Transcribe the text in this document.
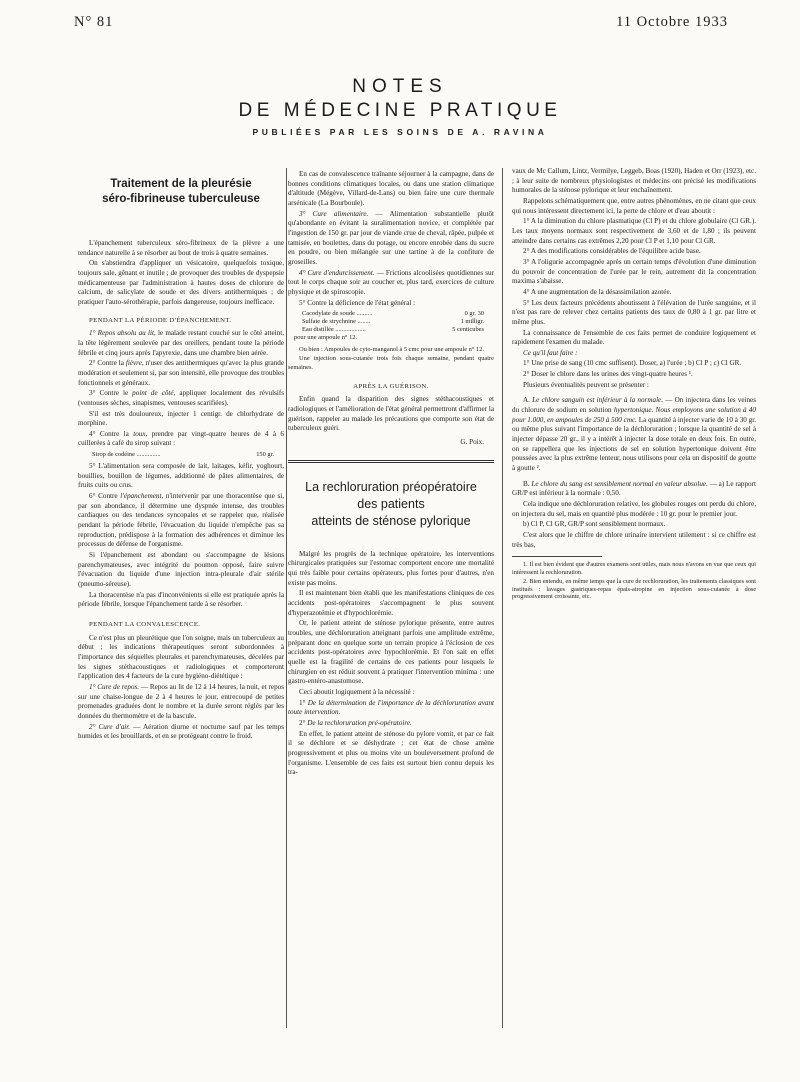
N° 81	11 Octobre 1933
NOTES
DE MÉDECINE PRATIQUE
PUBLIÉES PAR LES SOINS DE A. RAVINA
Traitement de la pleurésie
séro-fibrineuse tuberculeuse

L'épanchement tuberculeux séro-fibrineux de la plèvre a une tendance naturelle à se résorber au bout de trois à quatre semaines.

On s'abstiendra d'appliquer un vésicatoire, quelquefois toxique, toujours sale, gênant et inutile ; de provoquer des troubles de dyspepsie médicamenteuse par l'administration à hautes doses de chlorure de calcium, de salicylate de soude et des divers antithermiques ; de pratiquer l'auto-sérothérapie, parfois dangereuse, toujours inefficace.

PENDANT LA PÉRIODE D'ÉPANCHEMENT.

1° Repos absolu au lit, le malade restant couché sur le côté atteint, la tête légèrement soulevée par des oreillers, pendant toute la période fébrile et cinq jours après l'apyrexie, dans une chambre bien aérée.

2° Contre la fièvre, n'user des antithermiques qu'avec la plus grande modération et seulement si, par son intensité, elle provoque des troubles fonctionnels et généraux.

3° Contre le point de côté, appliquer localement des révulsifs (ventouses sèches, sinapismes, ventouses scarifiées).

S'il est très douloureux, injecter 1 centigr. de chlorhydrate de morphine.

4° Contre la toux, prendre par vingt-quatre heures de 4 à 6 cuillerées à café du sirop suivant :

Sirop de codéine ...............	150 gr.

5° L'alimentation sera composée de lait, laitages, kéfir, yoghourt, bouillies, bouillon de légumes, additionné de pâtes alimentaires, de fruits cuits ou crus.

6° Contre l'épanchement, n'intervenir par une thoracentèse que si, par son abondance, il détermine une dyspnée intense, des troubles cardiaques ou des tendances syncopales et se rappeler que, réalisée pendant la période fébrile, l'évacuation du liquide n'empêche pas sa reproduction, prédispose à la formation des adhérences et diminue les processus de défense de l'organisme.

Si l'épanchement est abondant ou s'accompagne de lésions parenchymateuses, avec intégrité du poumon opposé, faire suivre l'évacuation du liquide d'une injection intra-pleurale d'air stérile (pneumo-séreuse).

La thoracentèse n'a pas d'inconvénients si elle est pratiquée après la période fébrile, lorsque l'épanchement tarde à se résorber.

PENDANT LA CONVALESCENCE.

Ce n'est plus un pleurétique que l'on soigne, mais un tuberculeux au début ; les indications thérapeutiques seront subordonnées à l'importance des séquelles pleurales et parenchymateuses, décelées par les signes stéthacoustiques et radiologiques et comporteront l'application des 4 facteurs de la cure hygiéno-diététique :

1° Cure de repos. — Repos au lit de 12 à 14 heures, la nuit, et repos sur une chaise-longue de 2 à 4 heures le jour, entrecoupé de petites promenades graduées dont le nombre et la durée seront réglés par les données du thermomètre et de la bascule.

2° Cure d'air. — Aération diurne et nocturne sauf par les temps humides et les brouillards, et en se protégeant contre le froid.

En cas de convalescence traînante séjourner à la campagne, dans de bonnes conditions climatiques locales, ou dans une station climatique d'altitude (Mégève, Villard-de-Lans) ou bien faire une cure thermale arsénicale (La Bourboule).

3° Cure alimentaire. — Alimentation substantielle plutôt qu'abondante en évitant la suralimentation novice, et complétée par l'ingestion de 150 gr. par jour de viande crue de cheval, râpée, pulpée et tamisée, en boulettes, dans du potage, ou encore enrobée dans du sucre en poudre, ou bien mélangée sur une tartine à de la confiture de groseilles.

4° Cure d'endurcissement. — Frictions alcoolisées quotidiennes sur tout le corps chaque soir au coucher et, plus tard, exercices de culture physique et de spiroscopie.

5° Contre la déficience de l'état général :

Cacodylate de soude ..........	0 gr. 30
Sulfate de strychnine ........	1 milligr.
Eau distillée ...................	5 centicubes
pour une ampoule n° 12.	

Ou bien : Ampoules de cyto-manganol à 5 cmc pour une ampoule n° 12.

Une injection sous-cutanée trois fois chaque semaine, pendant quatre semaines.

APRÈS LA GUÉRISON.

Enfin quand la disparition des signes stéthacoustiques et radiologiques et l'amélioration de l'état général permettront d'affirmer la guérison, rappeler au malade les précautions que comporte son état de tuberculeux guéri.

G. Poix.
La rechloruration préopératoire
des patients
atteints de sténose pylorique

Malgré les progrès de la technique opératoire, les interventions chirurgicales pratiquées sur l'estomac comportent encore une mortalité qui très faible pour certains opérateurs, plus fortes pour d'autres, n'en existe pas moins.

Il est maintenant bien établi que les manifestations cliniques de ces accidents post-opératoires s'accompagnent le plus souvent d'hyperazotémie et d'hypochlorémie.

Or, le patient atteint de sténose pylorique présente, entre autres troubles, une déchloruration atteignant parfois une amplitude extrême, préparant donc en quelque sorte un terrain propice à l'éclosion de ces accidents post-opératoires avec hypochlorémie. Et l'on sait en effet quelle est la fragilité de certains de ces patients pour lesquels le chirurgien en est réduit souvent à pratiquer l'intervention minima : une gastro-entéro-anastomose.

Ceci aboutit logiquement à la nécessité :

1° De la détermination de l'importance de la déchloruration avant toute intervention.

2° De la rechloruration pré-opératoire.

En effet, le patient atteint de sténose du pylore vomit, et par ce fait il se déchlore et se déshydrate ; cet état de chose amène progressivement et plus ou moins vite un bouleversement profond de l'organisme. L'ensemble de ces faits est surtout bien connu depuis les tra-

vaux de Mc Callum, Lintz, Vermilye, Leggeb, Boas (1920), Haden et Orr (1923), etc. ; à leur suite de nombreux physiologistes et médecins ont précisé les modifications humorales de la sténose pylorique et leur enchaînement.

Rappelons schématiquement que, entre autres phénomènes, en ne citant que ceux qui nous intéressent directement ici, la perte de chlore et d'eau aboutit :

1° A la diminution du chlore plasmatique (Cl P) et du chlore globulaire (Cl GR.). Les taux moyens normaux sont respectivement de 3,60 et de 1,80 ; ils peuvent atteindre dans certains cas extrêmes 2,20 pour Cl P et 1,10 pour Cl GR.

2° A des modifications considérables de l'équilibre acide base.

3° A l'oligurie accompagnée après un certain temps d'évolution d'une diminution du pouvoir de concentration de l'urée par le rein, autrement dit la concentration maxima s'abaisse.

4° A une augmentation de la désassimilation azotée.

5° Les deux facteurs précédents aboutissent à l'élévation de l'urée sanguine, et il n'est pas rare de relever chez certains patients des taux de 0,80 à 1 gr. par litre et même plus.

La connaissance de l'ensemble de ces faits permet de conduire logiquement et rapidement l'examen du malade.

Ce qu'il faut faire :

1° Une prise de sang (10 cmc suffisent). Doser, a) l'urée ; b) Cl P ; c) Cl GR.

2° Doser le chlore dans les urines des vingt-quatre heures ¹.

Plusieurs éventualités peuvent se présenter :

A. Le chlore sanguin est inférieur à la normale. — On injectera dans les veines du chlorure de sodium en solution hypertonique. Nous employons une solution à 40 pour 1.000, en ampoules de 250 à 500 cmc. La quantité à injecter varie de 10 à 30 gr. ou même plus suivant l'importance de la déchloruration ; lorsque la quantité de sel à injecter dépasse 20 gr., il y a intérêt à injecter la dose totale en deux fois. En outre, on se rappellera que les injections de sel en solution hypertonique doivent être poussées avec la plus extrême lenteur, nous utilisons pour cela un dispositif de goutte à goutte ².

B. Le chlore du sang est sensiblement normal en valeur absolue. — a) Le rapport GR/P est inférieur à la normale : 0,50.

Cela indique une déchloruration relative, les globules rouges ont perdu du chlore, on injectera du sel, mais en quantité plus modérée : 10 gr. pour le premier jour.

b) Cl P, Cl GR, GR/P sont sensiblement normaux.

C'est alors que le chiffre de chlore urinaire intervient utilement : si ce chiffre est très bas,

1. Il est bien évident que d'autres examens sont utiles, mais nous n'avons en vue que ceux qui intéressent la rechloruration.

2. Bien entendu, en même temps que la cure de rechloruration, les traitements classiques sont institués : lavages gastriques-repas épais-atropine en injection sous-cutanée à dose progressivement croissante, etc.
